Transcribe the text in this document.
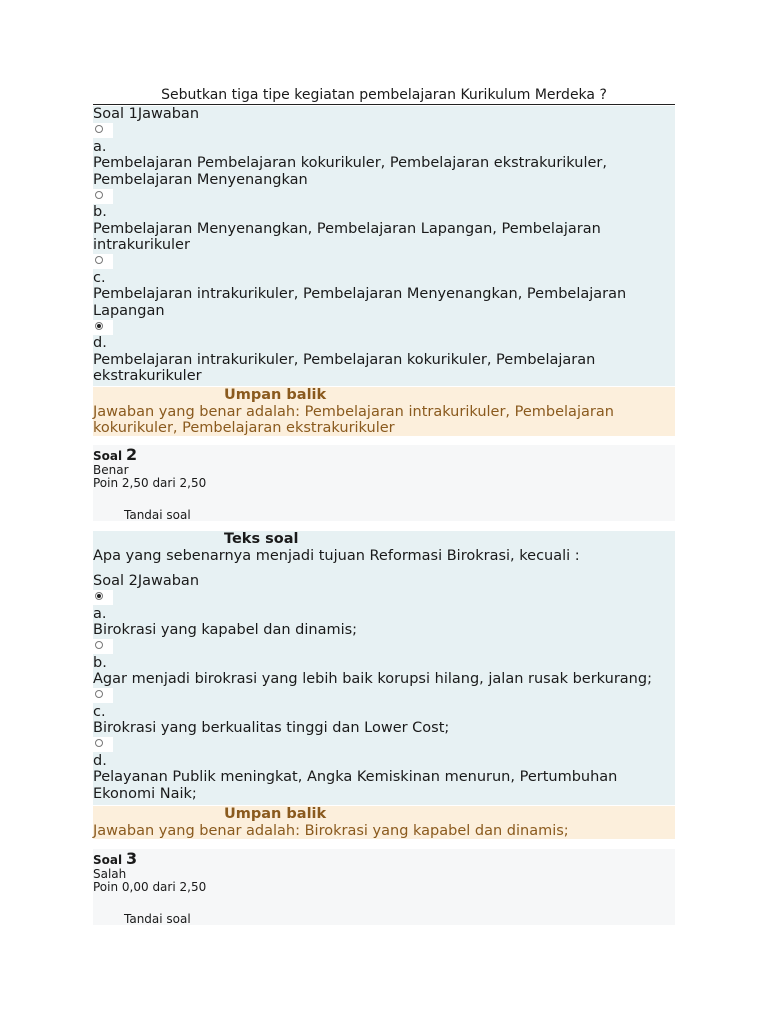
Sebutkan tiga tipe kegiatan pembelajaran Kurikulum Merdeka ?
Soal 1Jawaban
a.
Pembelajaran Pembelajaran kokurikuler, Pembelajaran ekstrakurikuler, Pembelajaran Menyenangkan
b.
Pembelajaran Menyenangkan, Pembelajaran Lapangan, Pembelajaran intrakurikuler
c.
Pembelajaran intrakurikuler, Pembelajaran Menyenangkan, Pembelajaran Lapangan
d.
Pembelajaran intrakurikuler, Pembelajaran kokurikuler, Pembelajaran ekstrakurikuler
Umpan balik
Jawaban yang benar adalah: Pembelajaran intrakurikuler, Pembelajaran kokurikuler, Pembelajaran ekstrakurikuler
Soal 2
Benar
Poin 2,50 dari 2,50
Tandai soal
Teks soal
Apa yang sebenarnya menjadi tujuan Reformasi Birokrasi, kecuali :
Soal 2Jawaban
a.
Birokrasi yang kapabel dan dinamis;
b.
Agar menjadi birokrasi yang lebih baik korupsi hilang, jalan rusak berkurang;
c.
Birokrasi yang berkualitas tinggi dan Lower Cost;
d.
Pelayanan Publik meningkat, Angka Kemiskinan menurun, Pertumbuhan Ekonomi Naik;
Umpan balik
Jawaban yang benar adalah: Birokrasi yang kapabel dan dinamis;
Soal 3
Salah
Poin 0,00 dari 2,50
Tandai soal
